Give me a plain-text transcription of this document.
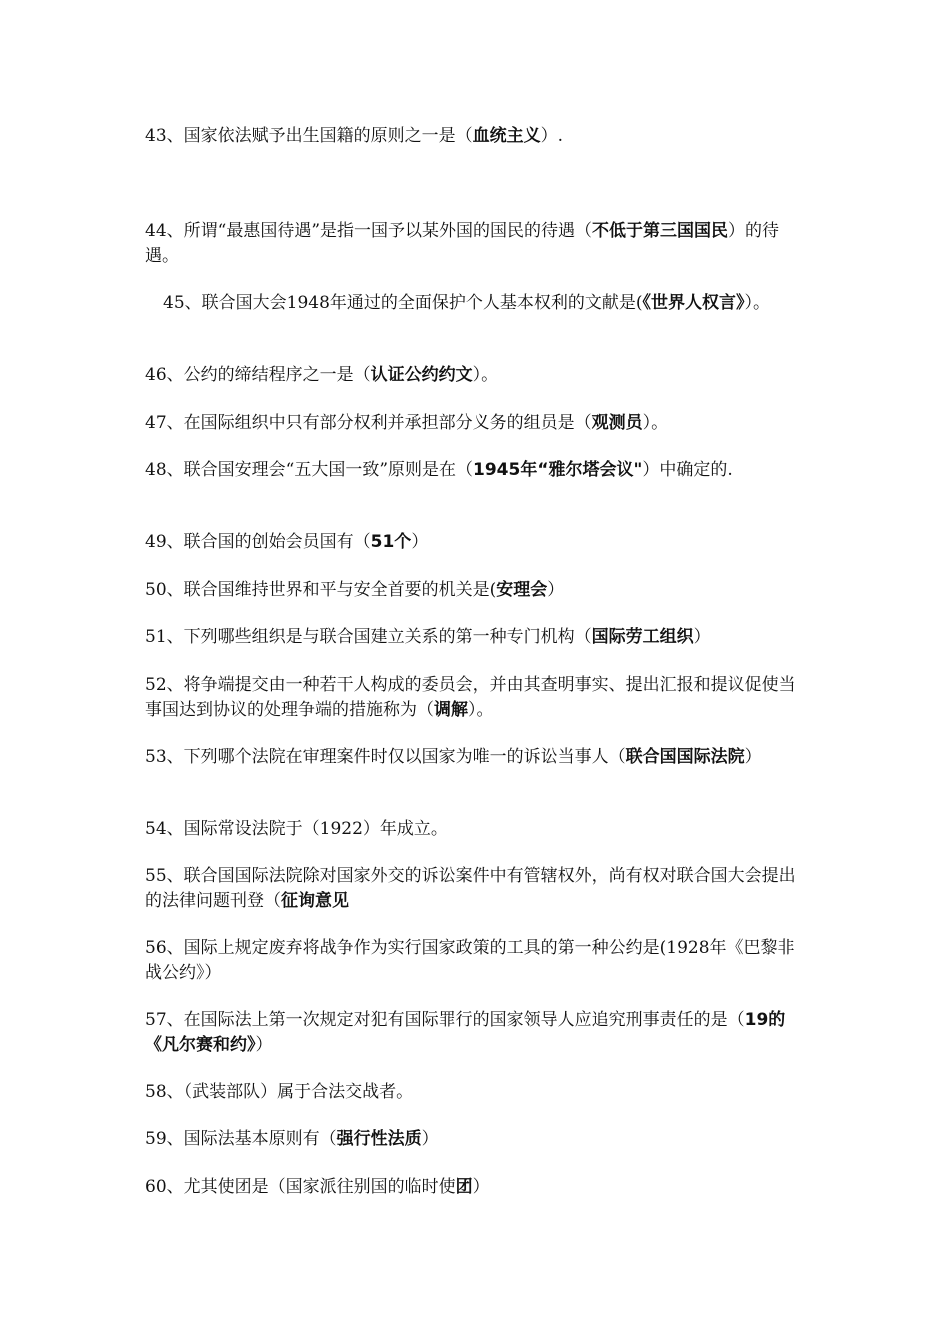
43、国家依法赋予出生国籍的原则之一是（血统主义）.

44、所谓“最惠国待遇”是指一国予以某外国的国民的待遇（不低于第三国国民）的待遇。

45、联合国大会1948年通过的全面保护个人基本权利的文献是(《世界人权言》）。

46、公约的缔结程序之一是（认证公约约文）。

47、在国际组织中只有部分权利并承担部分义务的组员是（观测员）。

48、联合国安理会“五大国一致”原则是在（1945年“雅尔塔会议"）中确定的.

49、联合国的创始会员国有（51个）

50、联合国维持世界和平与安全首要的机关是(安理会）

51、下列哪些组织是与联合国建立关系的第一种专门机构（国际劳工组织）

52、将争端提交由一种若干人构成的委员会，并由其查明事实、提出汇报和提议促使当事国达到协议的处理争端的措施称为（调解）。

53、下列哪个法院在审理案件时仅以国家为唯一的诉讼当事人（联合国国际法院）

54、国际常设法院于（1922）年成立。

55、联合国国际法院除对国家外交的诉讼案件中有管辖权外，尚有权对联合国大会提出的法律问题刊登（征询意见

56、国际上规定废弃将战争作为实行国家政策的工具的第一种公约是(1928年《巴黎非战公约》）

57、在国际法上第一次规定对犯有国际罪行的国家领导人应追究刑事责任的是（19的《凡尔赛和约》）

58、（武装部队）属于合法交战者。

59、国际法基本原则有（强行性法质）

60、尤其使团是（国家派往别国的临时使团）
